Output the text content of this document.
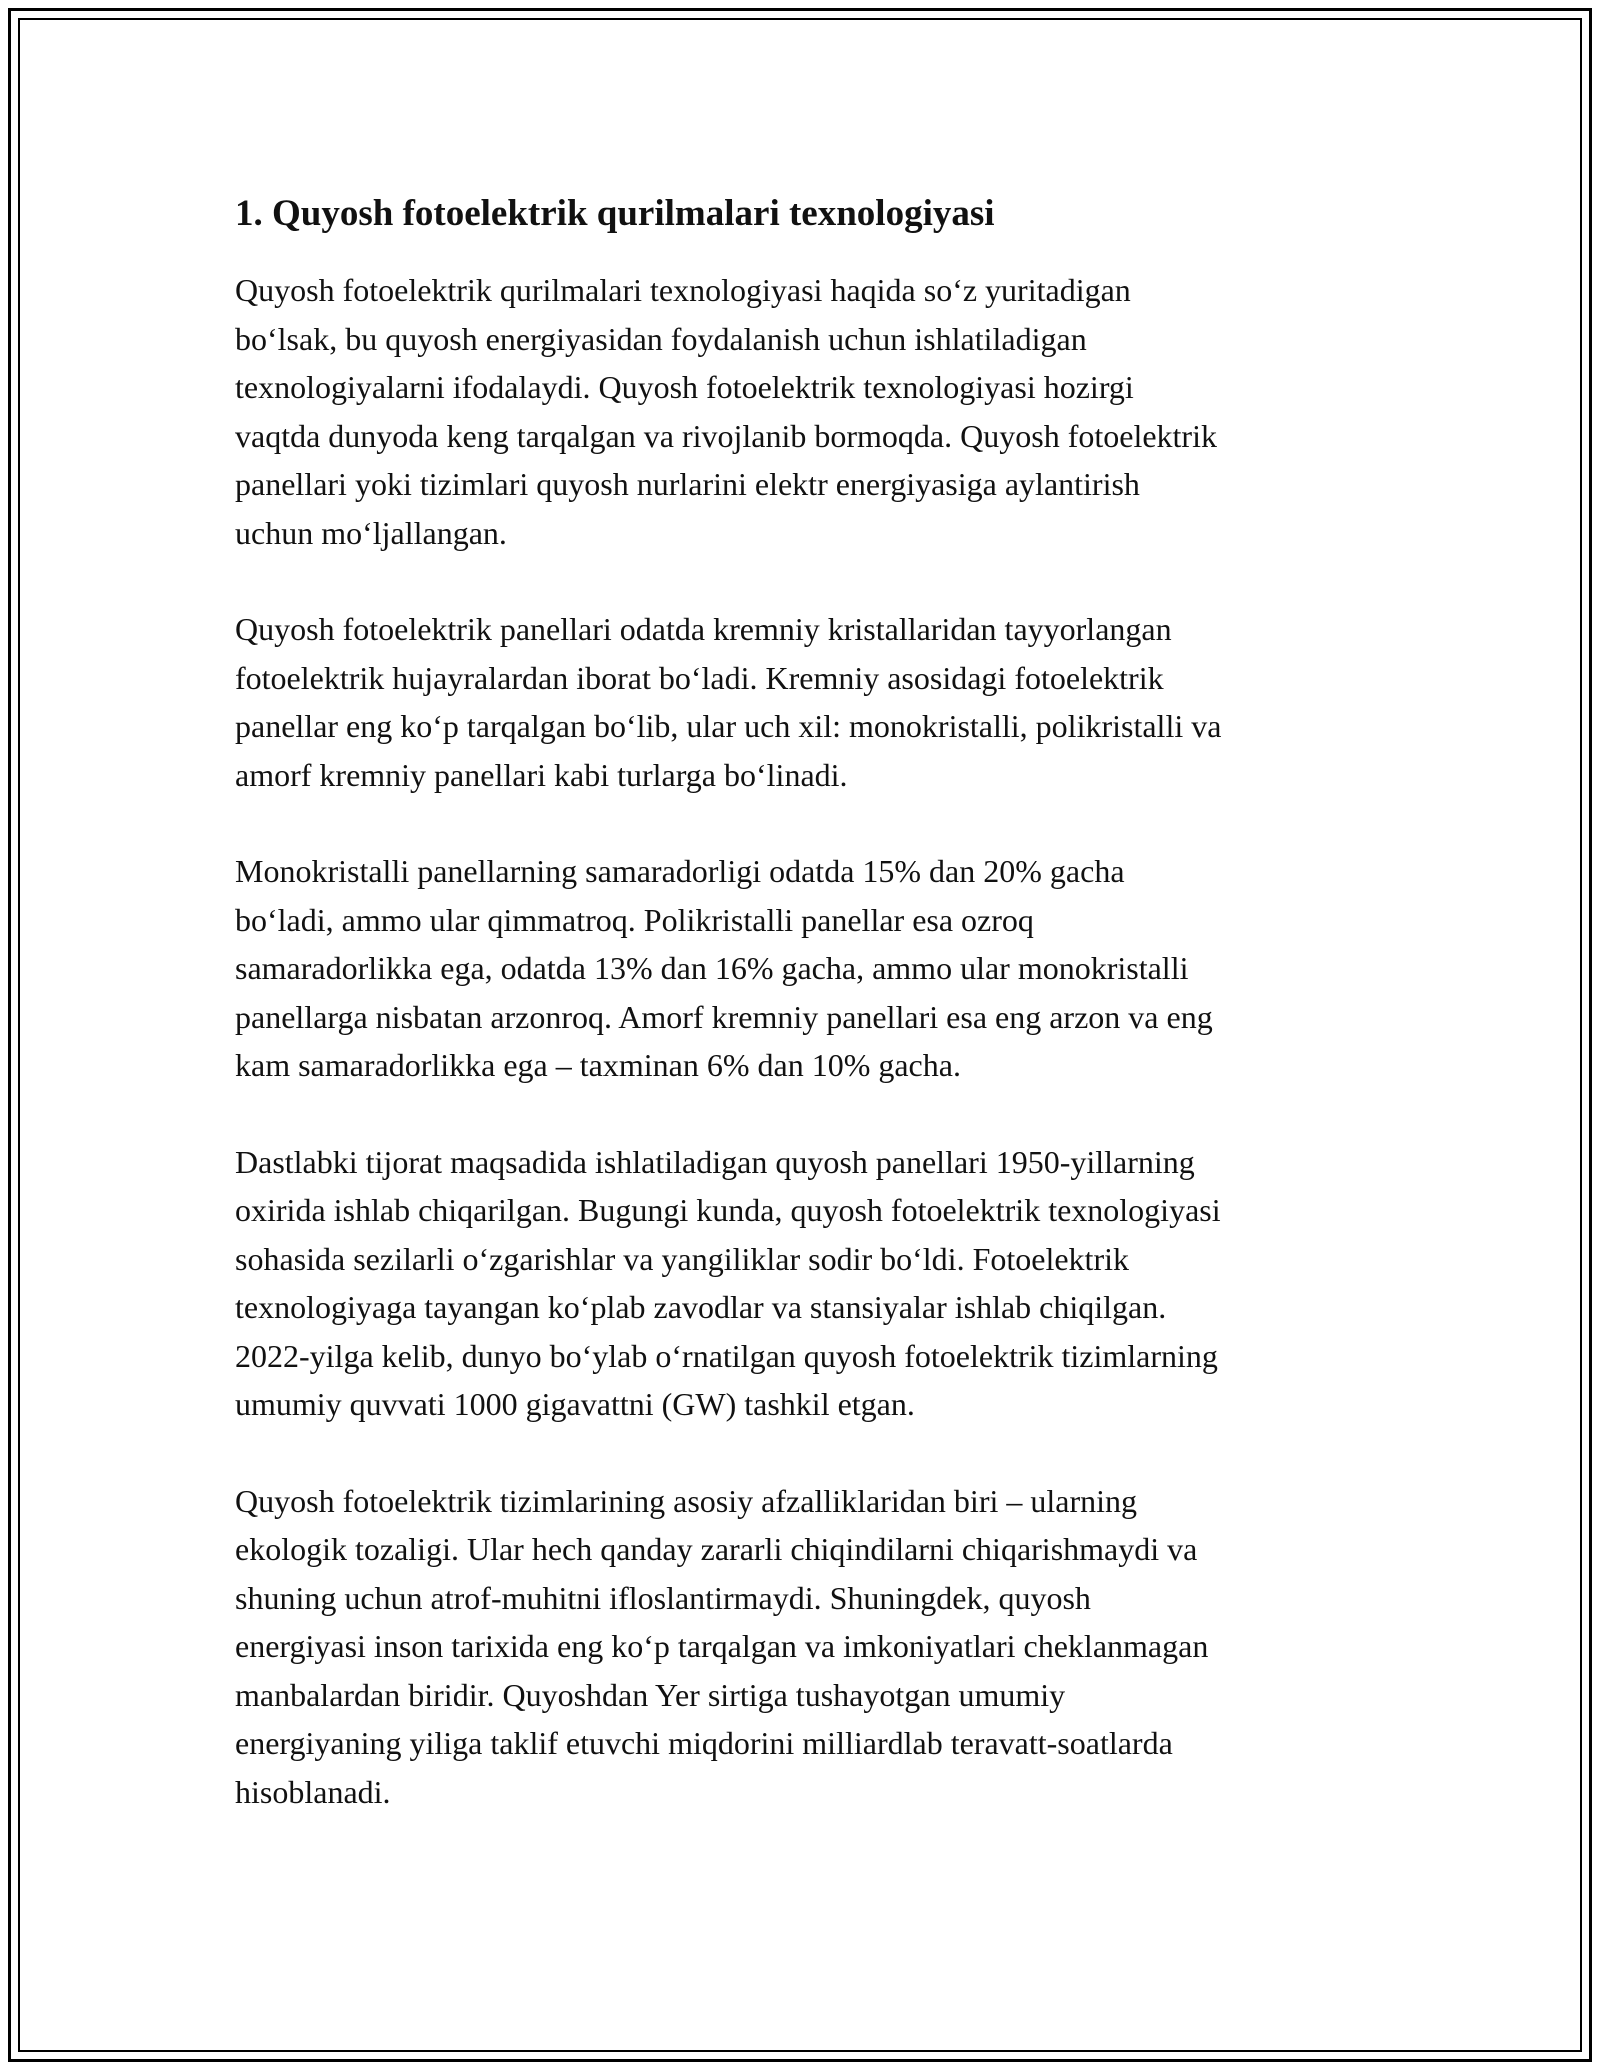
1. Quyosh fotoelektrik qurilmalari texnologiyasi

Quyosh fotoelektrik qurilmalari texnologiyasi haqida so‘z yuritadigan
bo‘lsak, bu quyosh energiyasidan foydalanish uchun ishlatiladigan
texnologiyalarni ifodalaydi. Quyosh fotoelektrik texnologiyasi hozirgi
vaqtda dunyoda keng tarqalgan va rivojlanib bormoqda. Quyosh fotoelektrik
panellari yoki tizimlari quyosh nurlarini elektr energiyasiga aylantirish
uchun mo‘ljallangan.

Quyosh fotoelektrik panellari odatda kremniy kristallaridan tayyorlangan
fotoelektrik hujayralardan iborat bo‘ladi. Kremniy asosidagi fotoelektrik
panellar eng ko‘p tarqalgan bo‘lib, ular uch xil: monokristalli, polikristalli va
amorf kremniy panellari kabi turlarga bo‘linadi.

Monokristalli panellarning samaradorligi odatda 15% dan 20% gacha
bo‘ladi, ammo ular qimmatroq. Polikristalli panellar esa ozroq
samaradorlikka ega, odatda 13% dan 16% gacha, ammo ular monokristalli
panellarga nisbatan arzonroq. Amorf kremniy panellari esa eng arzon va eng
kam samaradorlikka ega – taxminan 6% dan 10% gacha.

Dastlabki tijorat maqsadida ishlatiladigan quyosh panellari 1950-yillarning
oxirida ishlab chiqarilgan. Bugungi kunda, quyosh fotoelektrik texnologiyasi
sohasida sezilarli o‘zgarishlar va yangiliklar sodir bo‘ldi. Fotoelektrik
texnologiyaga tayangan ko‘plab zavodlar va stansiyalar ishlab chiqilgan.
2022-yilga kelib, dunyo bo‘ylab o‘rnatilgan quyosh fotoelektrik tizimlarning
umumiy quvvati 1000 gigavattni (GW) tashkil etgan.

Quyosh fotoelektrik tizimlarining asosiy afzalliklaridan biri – ularning
ekologik tozaligi. Ular hech qanday zararli chiqindilarni chiqarishmaydi va
shuning uchun atrof-muhitni ifloslantirmaydi. Shuningdek, quyosh
energiyasi inson tarixida eng ko‘p tarqalgan va imkoniyatlari cheklanmagan
manbalardan biridir. Quyoshdan Yer sirtiga tushayotgan umumiy
energiyaning yiliga taklif etuvchi miqdorini milliardlab teravatt-soatlarda
hisoblanadi.
